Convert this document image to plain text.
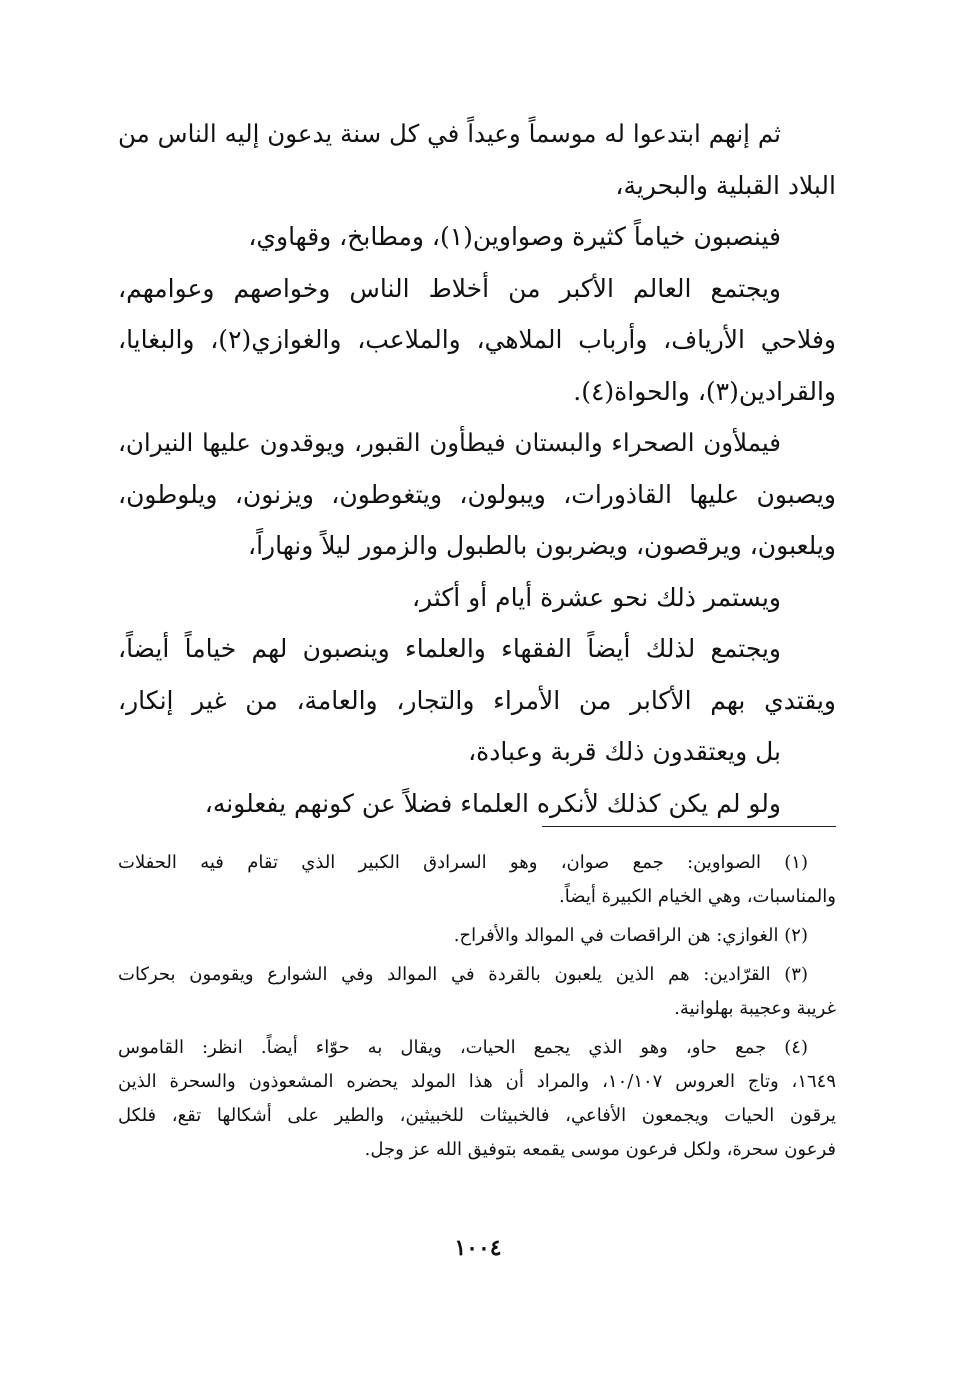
ثم إنهم ابتدعوا له موسماً وعيداً في كل سنة يدعون إليه الناس من
البلاد القبلية والبحرية،
فينصبون خياماً كثيرة وصواوين(١)، ومطابخ، وقهاوي،
ويجتمع العالم الأكبر من أخلاط الناس وخواصهم وعوامهم،
وفلاحي الأرياف، وأرباب الملاهي، والملاعب، والغوازي(٢)، والبغايا،
والقرادين(٣)، والحواة(٤).
فيملأون الصحراء والبستان فيطأون القبور، ويوقدون عليها النيران،
ويصبون عليها القاذورات، ويبولون، ويتغوطون، ويزنون، ويلوطون،
ويلعبون، ويرقصون، ويضربون بالطبول والزمور ليلاً ونهاراً،
ويستمر ذلك نحو عشرة أيام أو أكثر،
ويجتمع لذلك أيضاً الفقهاء والعلماء وينصبون لهم خياماً أيضاً،
ويقتدي بهم الأكابر من الأمراء والتجار، والعامة، من غير إنكار،
بل ويعتقدون ذلك قربة وعبادة،
ولو لم يكن كذلك لأنكره العلماء فضلاً عن كونهم يفعلونه،
(١) الصواوين: جمع صوان، وهو السرادق الكبير الذي تقام فيه الحفلات
والمناسبات، وهي الخيام الكبيرة أيضاً.
(٢) الغوازي: هن الراقصات في الموالد والأفراح.
(٣) القرّادين: هم الذين يلعبون بالقردة في الموالد وفي الشوارع ويقومون بحركات
غريبة وعجيبة بهلوانية.
(٤) جمع حاو، وهو الذي يجمع الحيات، ويقال به حوّاء أيضاً. انظر: القاموس
١٦٤٩، وتاج العروس ١٠/١٠٧، والمراد أن هذا المولد يحضره المشعوذون والسحرة الذين
يرقون الحيات ويجمعون الأفاعي، فالخبيثات للخبيثين، والطير على أشكالها تقع، فلكل
فرعون سحرة، ولكل فرعون موسى يقمعه بتوفيق الله عز وجل.
١٠٠٤
